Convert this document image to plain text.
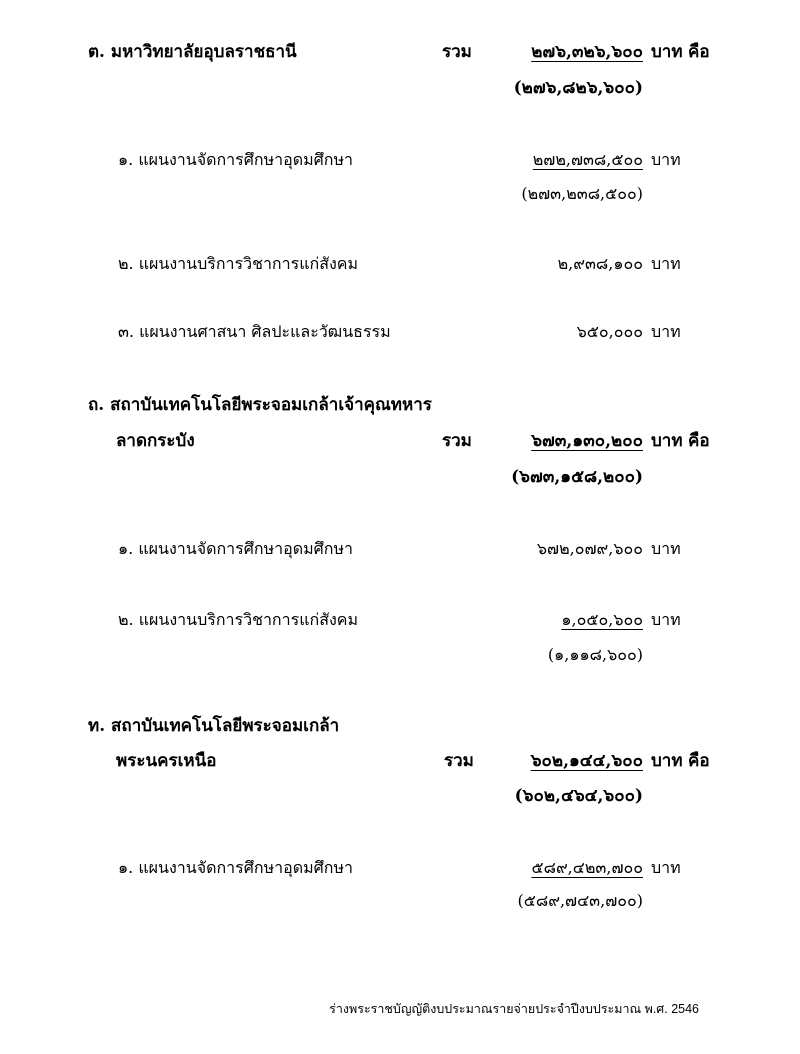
ต. มหาวิทยาลัยอุบลราชธานี	รวม	๒๗๖,๓๒๖,๖๐๐ บาท คือ
(๒๗๖,๘๒๖,๖๐๐)
๑. แผนงานจัดการศึกษาอุดมศึกษา	๒๗๒,๗๓๘,๕๐๐ บาท
(๒๗๓,๒๓๘,๕๐๐)
๒. แผนงานบริการวิชาการแก่สังคม	๒,๙๓๘,๑๐๐ บาท
๓. แผนงานศาสนา ศิลปะและวัฒนธรรม	๖๕๐,๐๐๐ บาท
ถ. สถาบันเทคโนโลยีพระจอมเกล้าเจ้าคุณทหาร
ลาดกระบัง	รวม	๖๗๓,๑๓๐,๒๐๐ บาท คือ
(๖๗๓,๑๕๘,๒๐๐)
๑. แผนงานจัดการศึกษาอุดมศึกษา	๖๗๒,๐๗๙,๖๐๐ บาท
๒. แผนงานบริการวิชาการแก่สังคม	๑,๐๕๐,๖๐๐ บาท
(๑,๑๑๘,๖๐๐)
ท. สถาบันเทคโนโลยีพระจอมเกล้า
พระนครเหนือ	รวม	๖๐๒,๑๔๔,๖๐๐ บาท คือ
(๖๐๒,๔๖๔,๖๐๐)
๑. แผนงานจัดการศึกษาอุดมศึกษา	๕๘๙,๔๒๓,๗๐๐ บาท
(๕๘๙,๗๔๓,๗๐๐)
ร่างพระราชบัญญัติงบประมาณรายจ่ายประจำปีงบประมาณ พ.ศ. 2546
